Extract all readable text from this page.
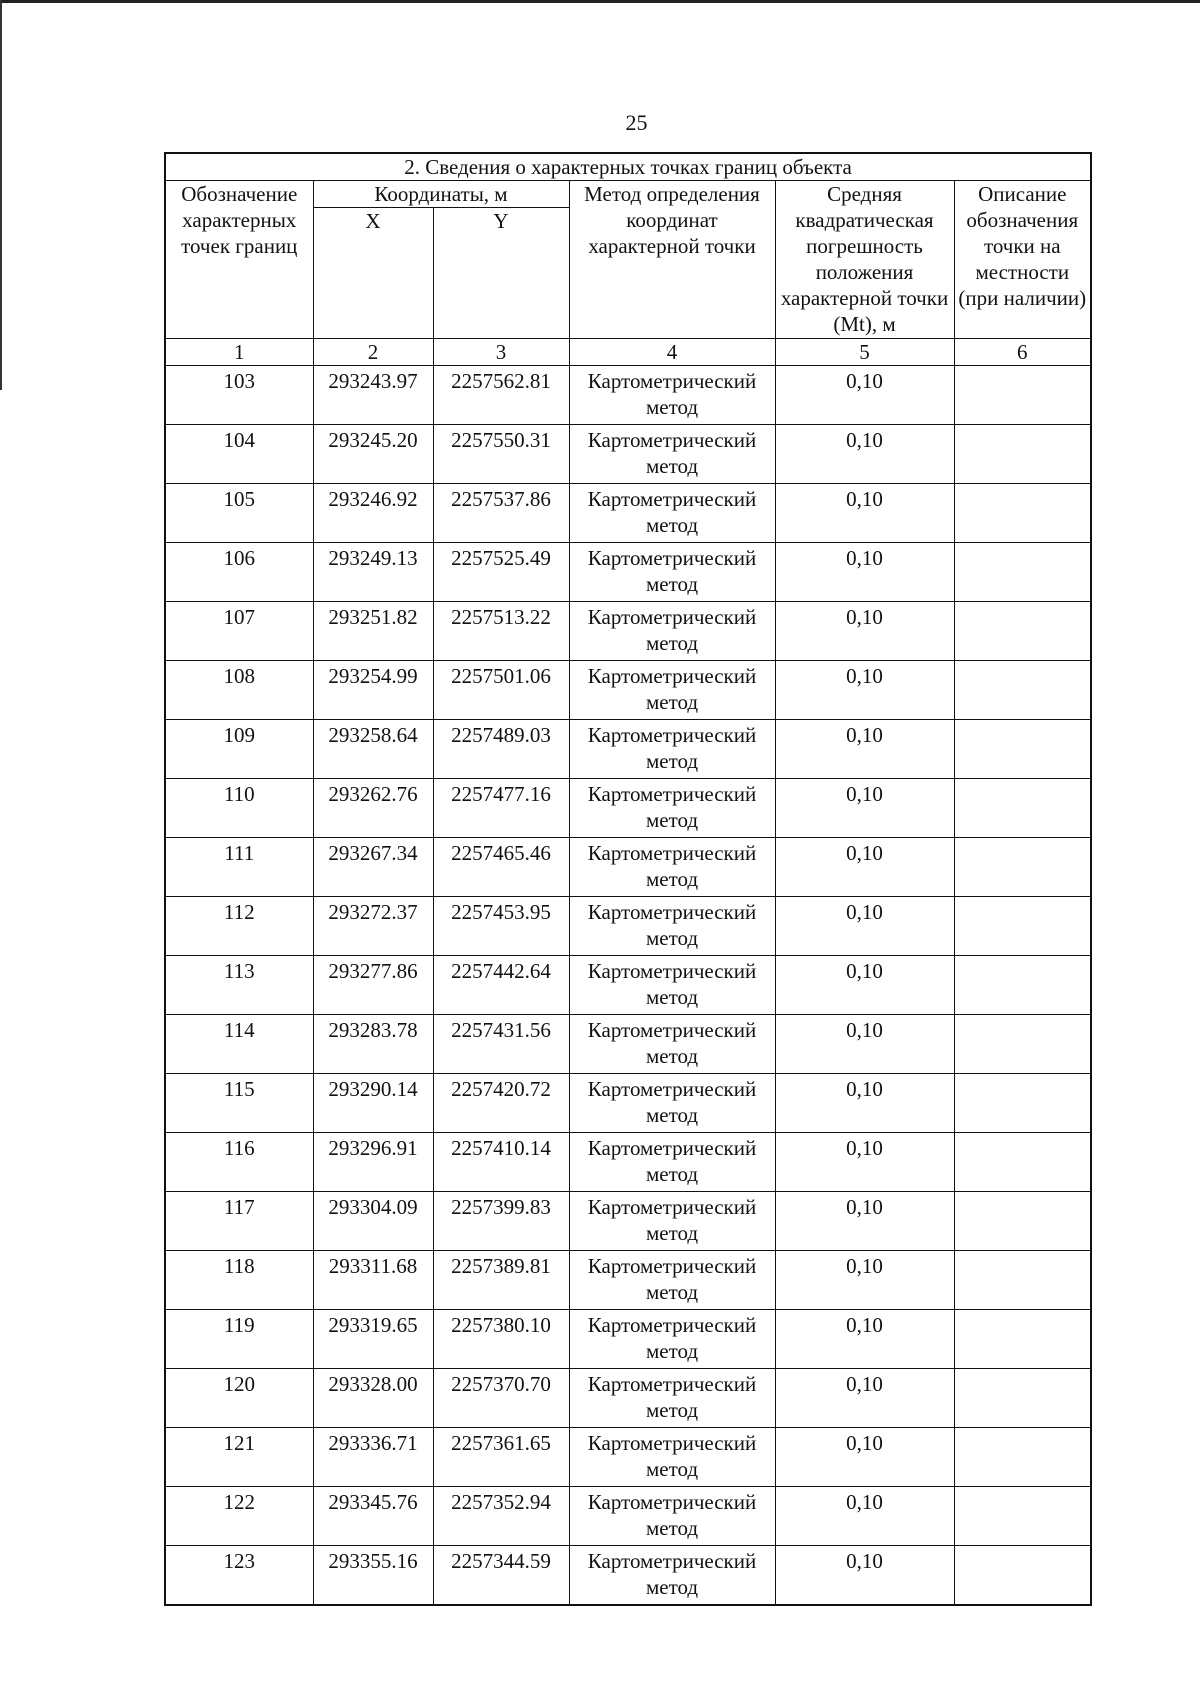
25
2. Сведения о характерных точках границ объекта					
Обозначение характерных точек границ	Координаты, м		Метод определения координат характерной точки	Средняя квадратическая погрешность положения характерной точки (Mt), м	Описание обозначения точки на местности (при наличии)
	X	Y			
1	2	3	4	5	6
103	293243.97	2257562.81	Картометрический метод	0,10	
104	293245.20	2257550.31	Картометрический метод	0,10	
105	293246.92	2257537.86	Картометрический метод	0,10	
106	293249.13	2257525.49	Картометрический метод	0,10	
107	293251.82	2257513.22	Картометрический метод	0,10	
108	293254.99	2257501.06	Картометрический метод	0,10	
109	293258.64	2257489.03	Картометрический метод	0,10	
110	293262.76	2257477.16	Картометрический метод	0,10	
111	293267.34	2257465.46	Картометрический метод	0,10	
112	293272.37	2257453.95	Картометрический метод	0,10	
113	293277.86	2257442.64	Картометрический метод	0,10	
114	293283.78	2257431.56	Картометрический метод	0,10	
115	293290.14	2257420.72	Картометрический метод	0,10	
116	293296.91	2257410.14	Картометрический метод	0,10	
117	293304.09	2257399.83	Картометрический метод	0,10	
118	293311.68	2257389.81	Картометрический метод	0,10	
119	293319.65	2257380.10	Картометрический метод	0,10	
120	293328.00	2257370.70	Картометрический метод	0,10	
121	293336.71	2257361.65	Картометрический метод	0,10	
122	293345.76	2257352.94	Картометрический метод	0,10	
123	293355.16	2257344.59	Картометрический метод	0,10	
